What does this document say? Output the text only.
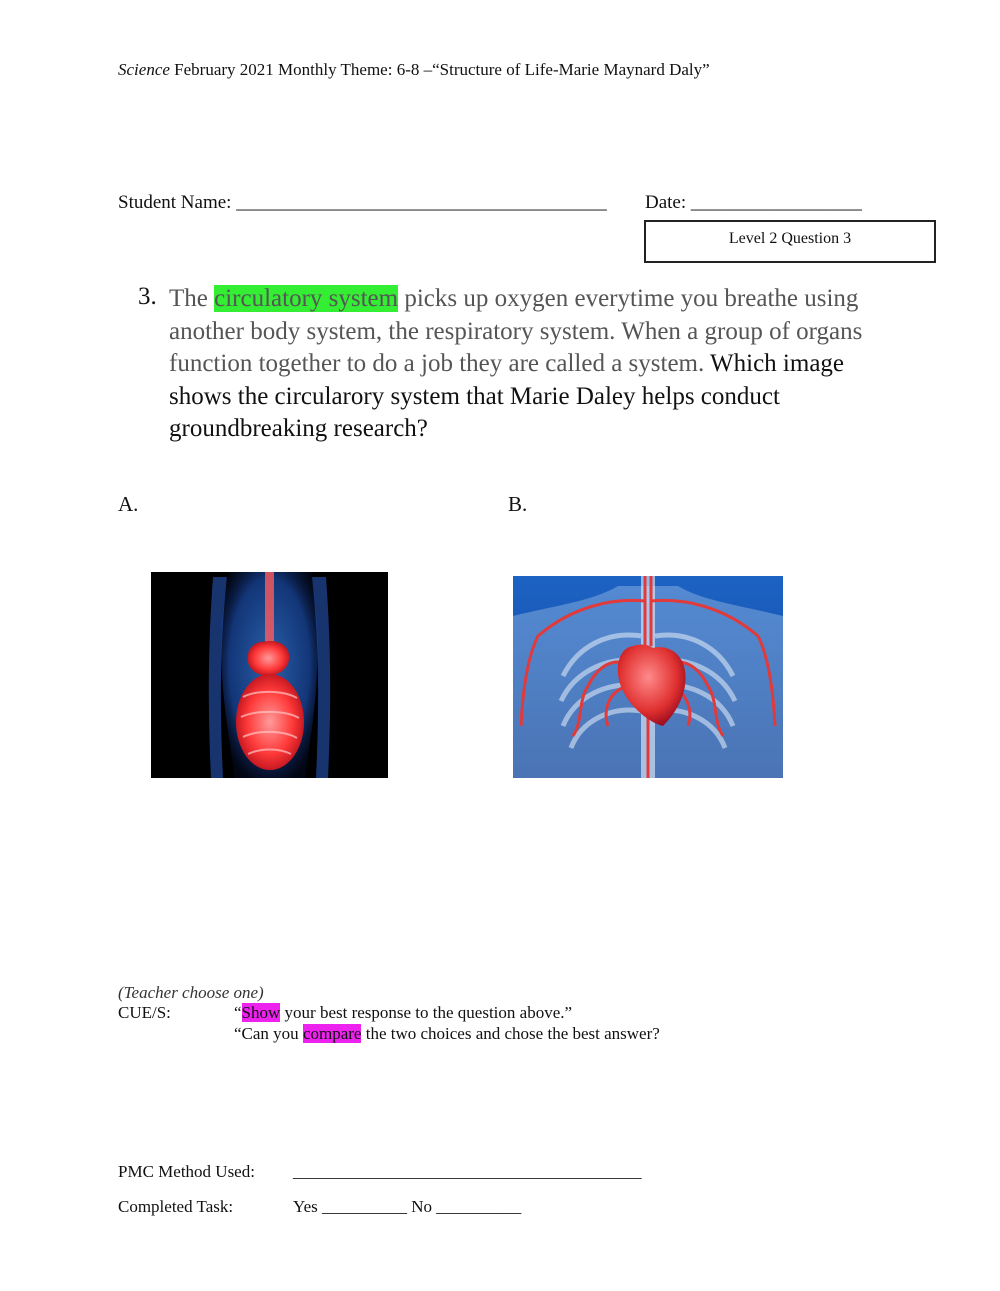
Science February 2021 Monthly Theme: 6-8 –“Structure of Life-Marie Maynard Daly”
Student Name: _______________________________________ Date: __________________
Level 2 Question 3
3. The circulatory system picks up oxygen everytime you breathe using another body system, the respiratory system. When a group of organs function together to do a job they are called a system. Which image shows the circularory system that Marie Daley helps conduct groundbreaking research?
A.	B.
(Teacher choose one)
CUE/S:	“Show your best response to the question above.”
“Can you compare the two choices and chose the best answer?
PMC Method Used: _________________________________________
Completed Task:	Yes __________ No __________
